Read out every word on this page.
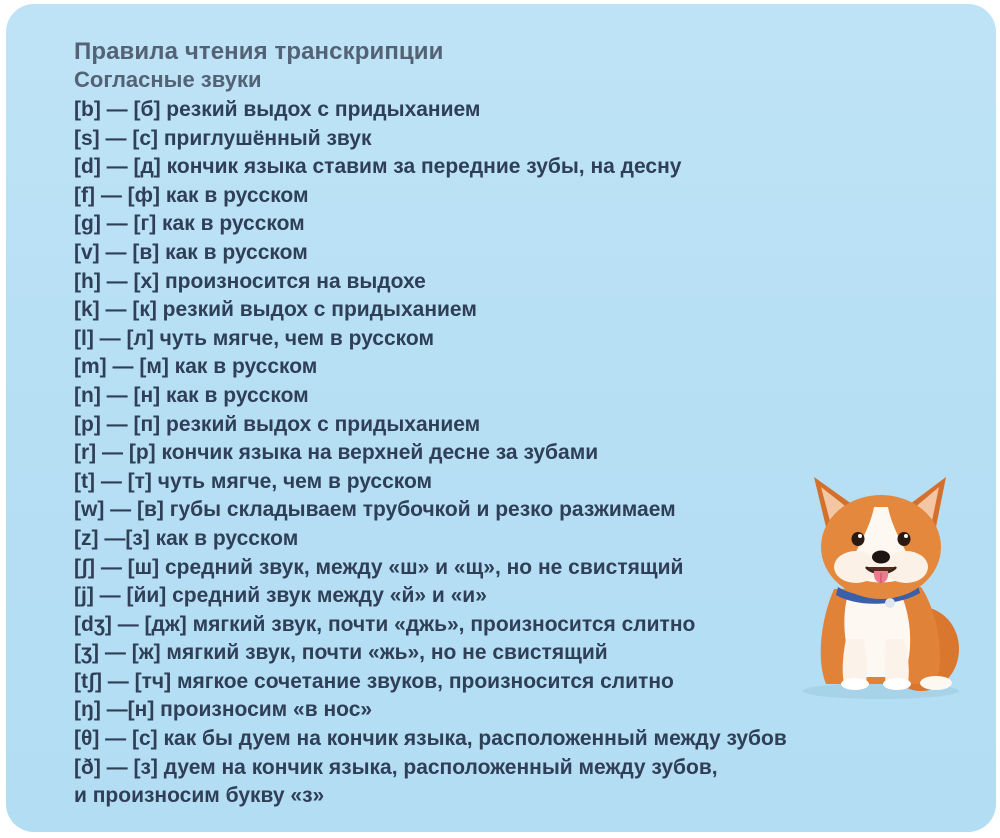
Правила чтения транскрипции
Согласные звуки
[b] — [б] резкий выдох с придыханием
[s] — [с] приглушённый звук
[d] — [д] кончик языка ставим за передние зубы, на десну
[f] — [ф] как в русском
[g] — [г] как в русском
[v] — [в] как в русском
[h] — [х] произносится на выдохе
[k] — [к] резкий выдох с придыханием
[l] — [л] чуть мягче, чем в русском
[m] — [м] как в русском
[n] — [н] как в русском
[p] — [п] резкий выдох с придыханием
[r] — [р] кончик языка на верхней десне за зубами
[t] — [т] чуть мягче, чем в русском
[w] — [в] губы складываем трубочкой и резко разжимаем
[z] —[з] как в русском
[ʃ] — [ш] средний звук, между «ш» и «щ», но не свистящий
[j] — [йи] средний звук между «й» и «и»
[dʒ] — [дж] мягкий звук, почти «джь», произносится слитно
[ʒ] — [ж] мягкий звук, почти «жь», но не свистящий
[tʃ] — [тч] мягкое сочетание звуков, произносится слитно
[ŋ] —[н] произносим «в нос»
[θ] — [с] как бы дуем на кончик языка, расположенный между зубов
[ð] — [з] дуем на кончик языка, расположенный между зубов,
и произносим букву «з»
